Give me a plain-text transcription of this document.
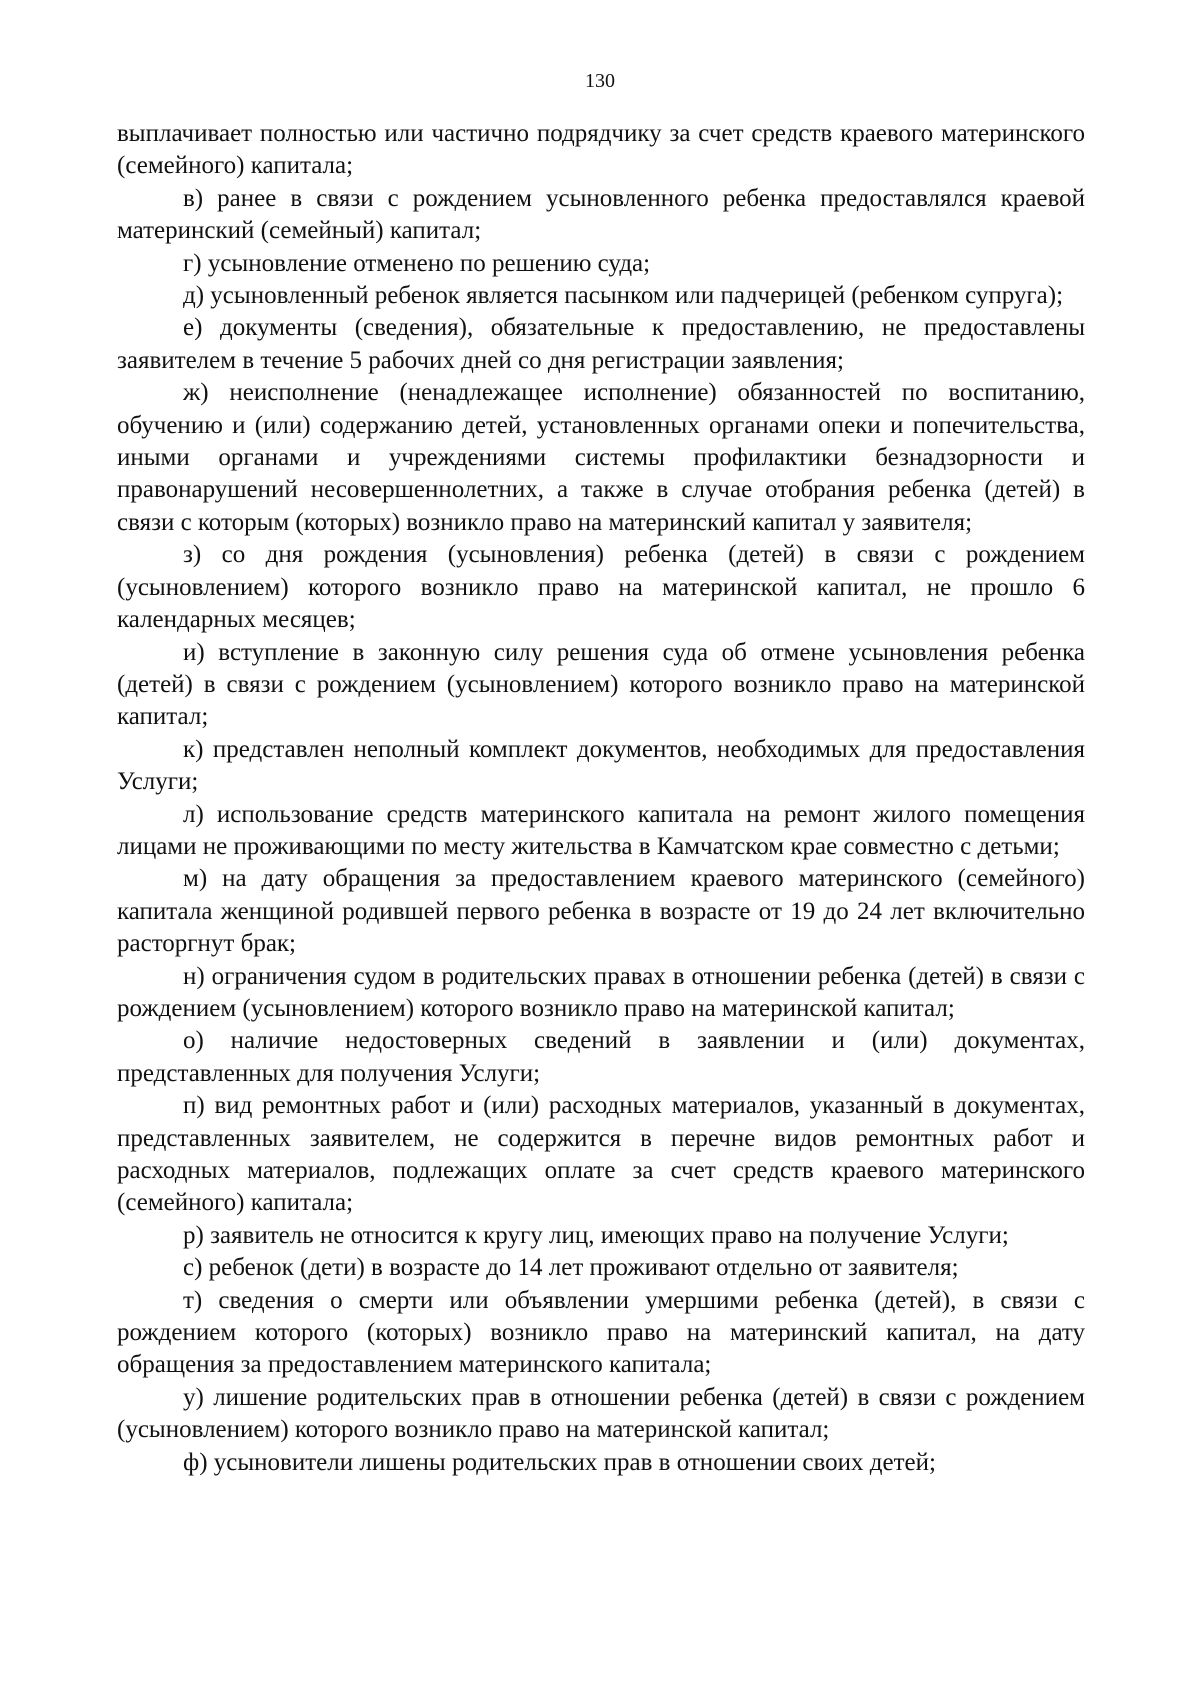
130

выплачивает полностью или частично подрядчику за счет средств краевого материнского (семейного) капитала;

в) ранее в связи с рождением усыновленного ребенка предоставлялся краевой материнский (семейный) капитал;

г) усыновление отменено по решению суда;

д) усыновленный ребенок является пасынком или падчерицей (ребенком супруга);

е) документы (сведения), обязательные к предоставлению, не предоставлены заявителем в течение 5 рабочих дней со дня регистрации заявления;

ж) неисполнение (ненадлежащее исполнение) обязанностей по воспитанию, обучению и (или) содержанию детей, установленных органами опеки и попечительства, иными органами и учреждениями системы профилактики безнадзорности и правонарушений несовершеннолетних, а также в случае отобрания ребенка (детей) в связи с которым (которых) возникло право на материнский капитал у заявителя;

з) со дня рождения (усыновления) ребенка (детей) в связи с рождением (усыновлением) которого возникло право на материнской капитал, не прошло 6 календарных месяцев;

и) вступление в законную силу решения суда об отмене усыновления ребенка (детей) в связи с рождением (усыновлением) которого возникло право на материнской капитал;

к) представлен неполный комплект документов, необходимых для предоставления Услуги;

л) использование средств материнского капитала на ремонт жилого помещения лицами не проживающими по месту жительства в Камчатском крае совместно с детьми;

м) на дату обращения за предоставлением краевого материнского (семейного) капитала женщиной родившей первого ребенка в возрасте от 19 до 24 лет включительно расторгнут брак;

н) ограничения судом в родительских правах в отношении ребенка (детей) в связи с рождением (усыновлением) которого возникло право на материнской капитал;

о) наличие недостоверных сведений в заявлении и (или) документах, представленных для получения Услуги;

п) вид ремонтных работ и (или) расходных материалов, указанный в документах, представленных заявителем, не содержится в перечне видов ремонтных работ и расходных материалов, подлежащих оплате за счет средств краевого материнского (семейного) капитала;

р) заявитель не относится к кругу лиц, имеющих право на получение Услуги;

с) ребенок (дети) в возрасте до 14 лет проживают отдельно от заявителя;

т) сведения о смерти или объявлении умершими ребенка (детей), в связи с рождением которого (которых) возникло право на материнский капитал, на дату обращения за предоставлением материнского капитала;

у) лишение родительских прав в отношении ребенка (детей) в связи с рождением (усыновлением) которого возникло право на материнской капитал;

ф) усыновители лишены родительских прав в отношении своих детей;
